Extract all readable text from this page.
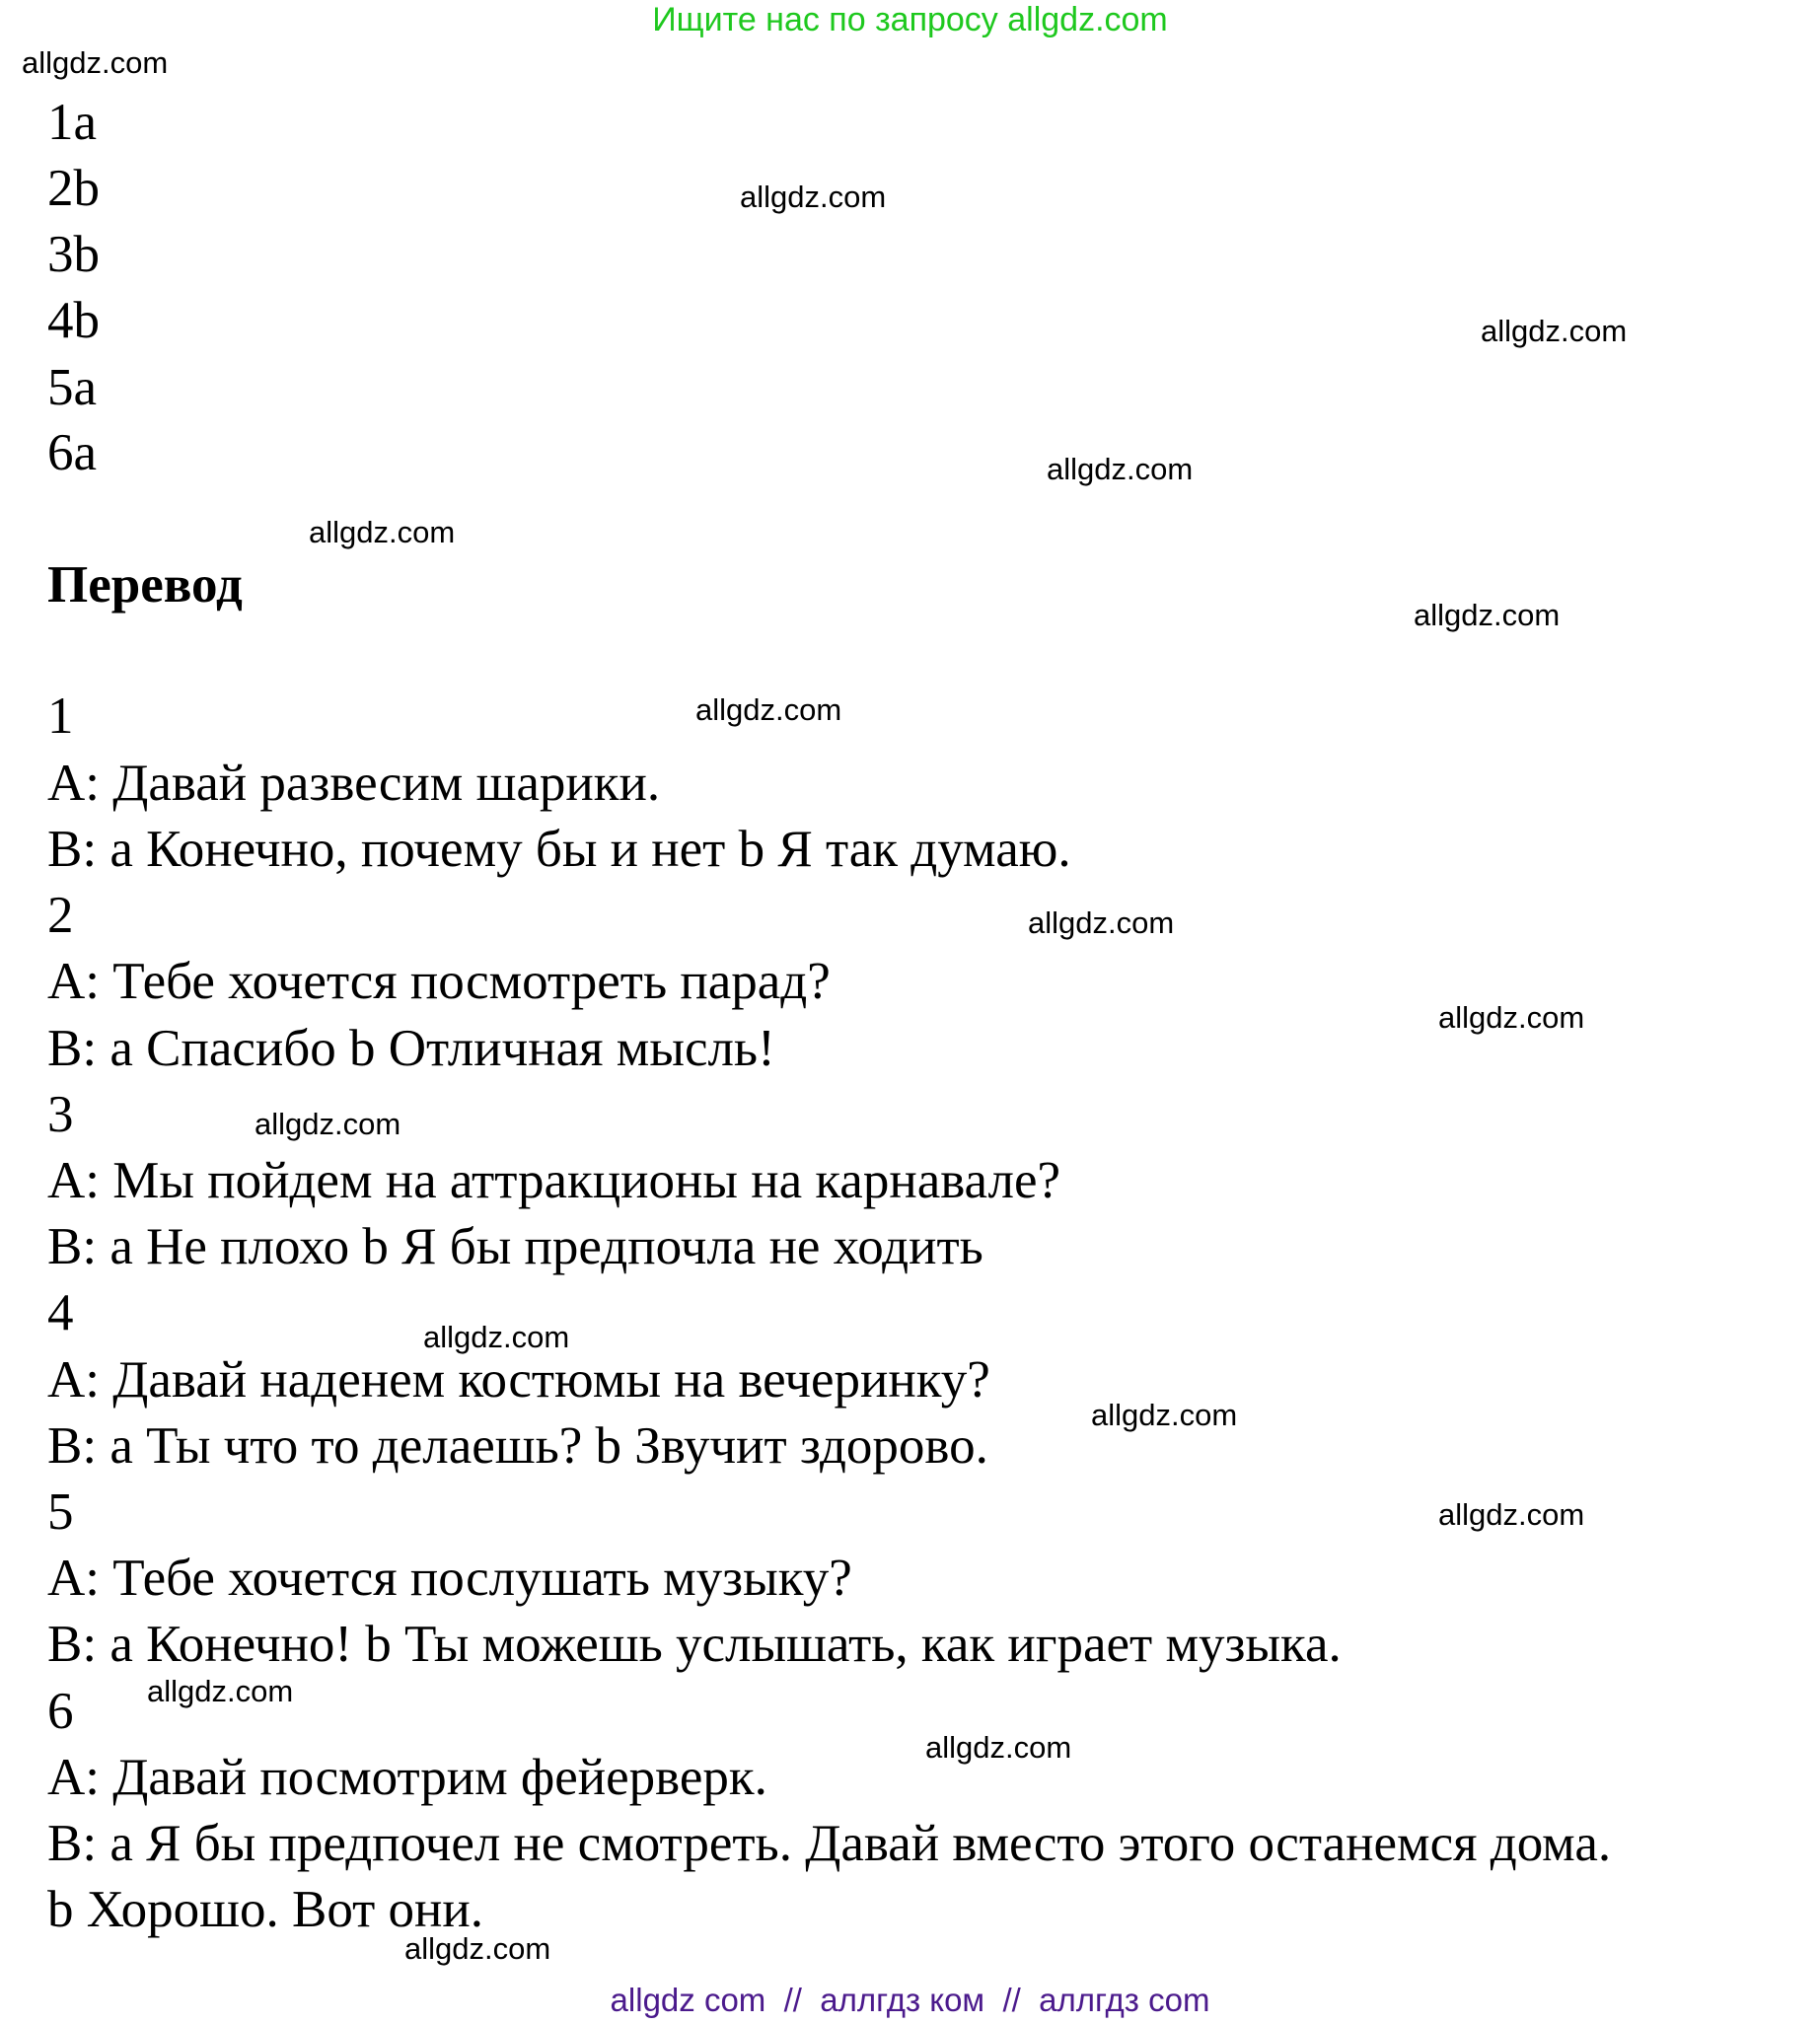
Ищите нас по запросу allgdz.com
1a
2b
3b
4b
5a
6a
Перевод
1
A: Давай развесим шарики.
B: a Конечно, почему бы и нет b Я так думаю.
2
A: Тебе хочется посмотреть парад?
B: a Спасибо b Отличная мысль!
3
A: Мы пойдем на аттракционы на карнавале?
B: a Не плохо b Я бы предпочла не ходить
4
A: Давай наденем костюмы на вечеринку?
B: a Ты что то делаешь? b Звучит здорово.
5
A: Тебе хочется послушать музыку?
B: a Конечно! b Ты можешь услышать, как играет музыка.
6
A: Давай посмотрим фейерверк.
B: a Я бы предпочел не смотреть. Давай вместо этого останемся дома.
b Хорошо. Вот они.
allgdz.com
allgdz.com
allgdz.com
allgdz.com
allgdz.com
allgdz.com
allgdz.com
allgdz.com
allgdz.com
allgdz.com
allgdz.com
allgdz.com
allgdz.com
allgdz.com
allgdz.com
allgdz.com
allgdz com  //  аллгдз ком  //  аллгдз com
